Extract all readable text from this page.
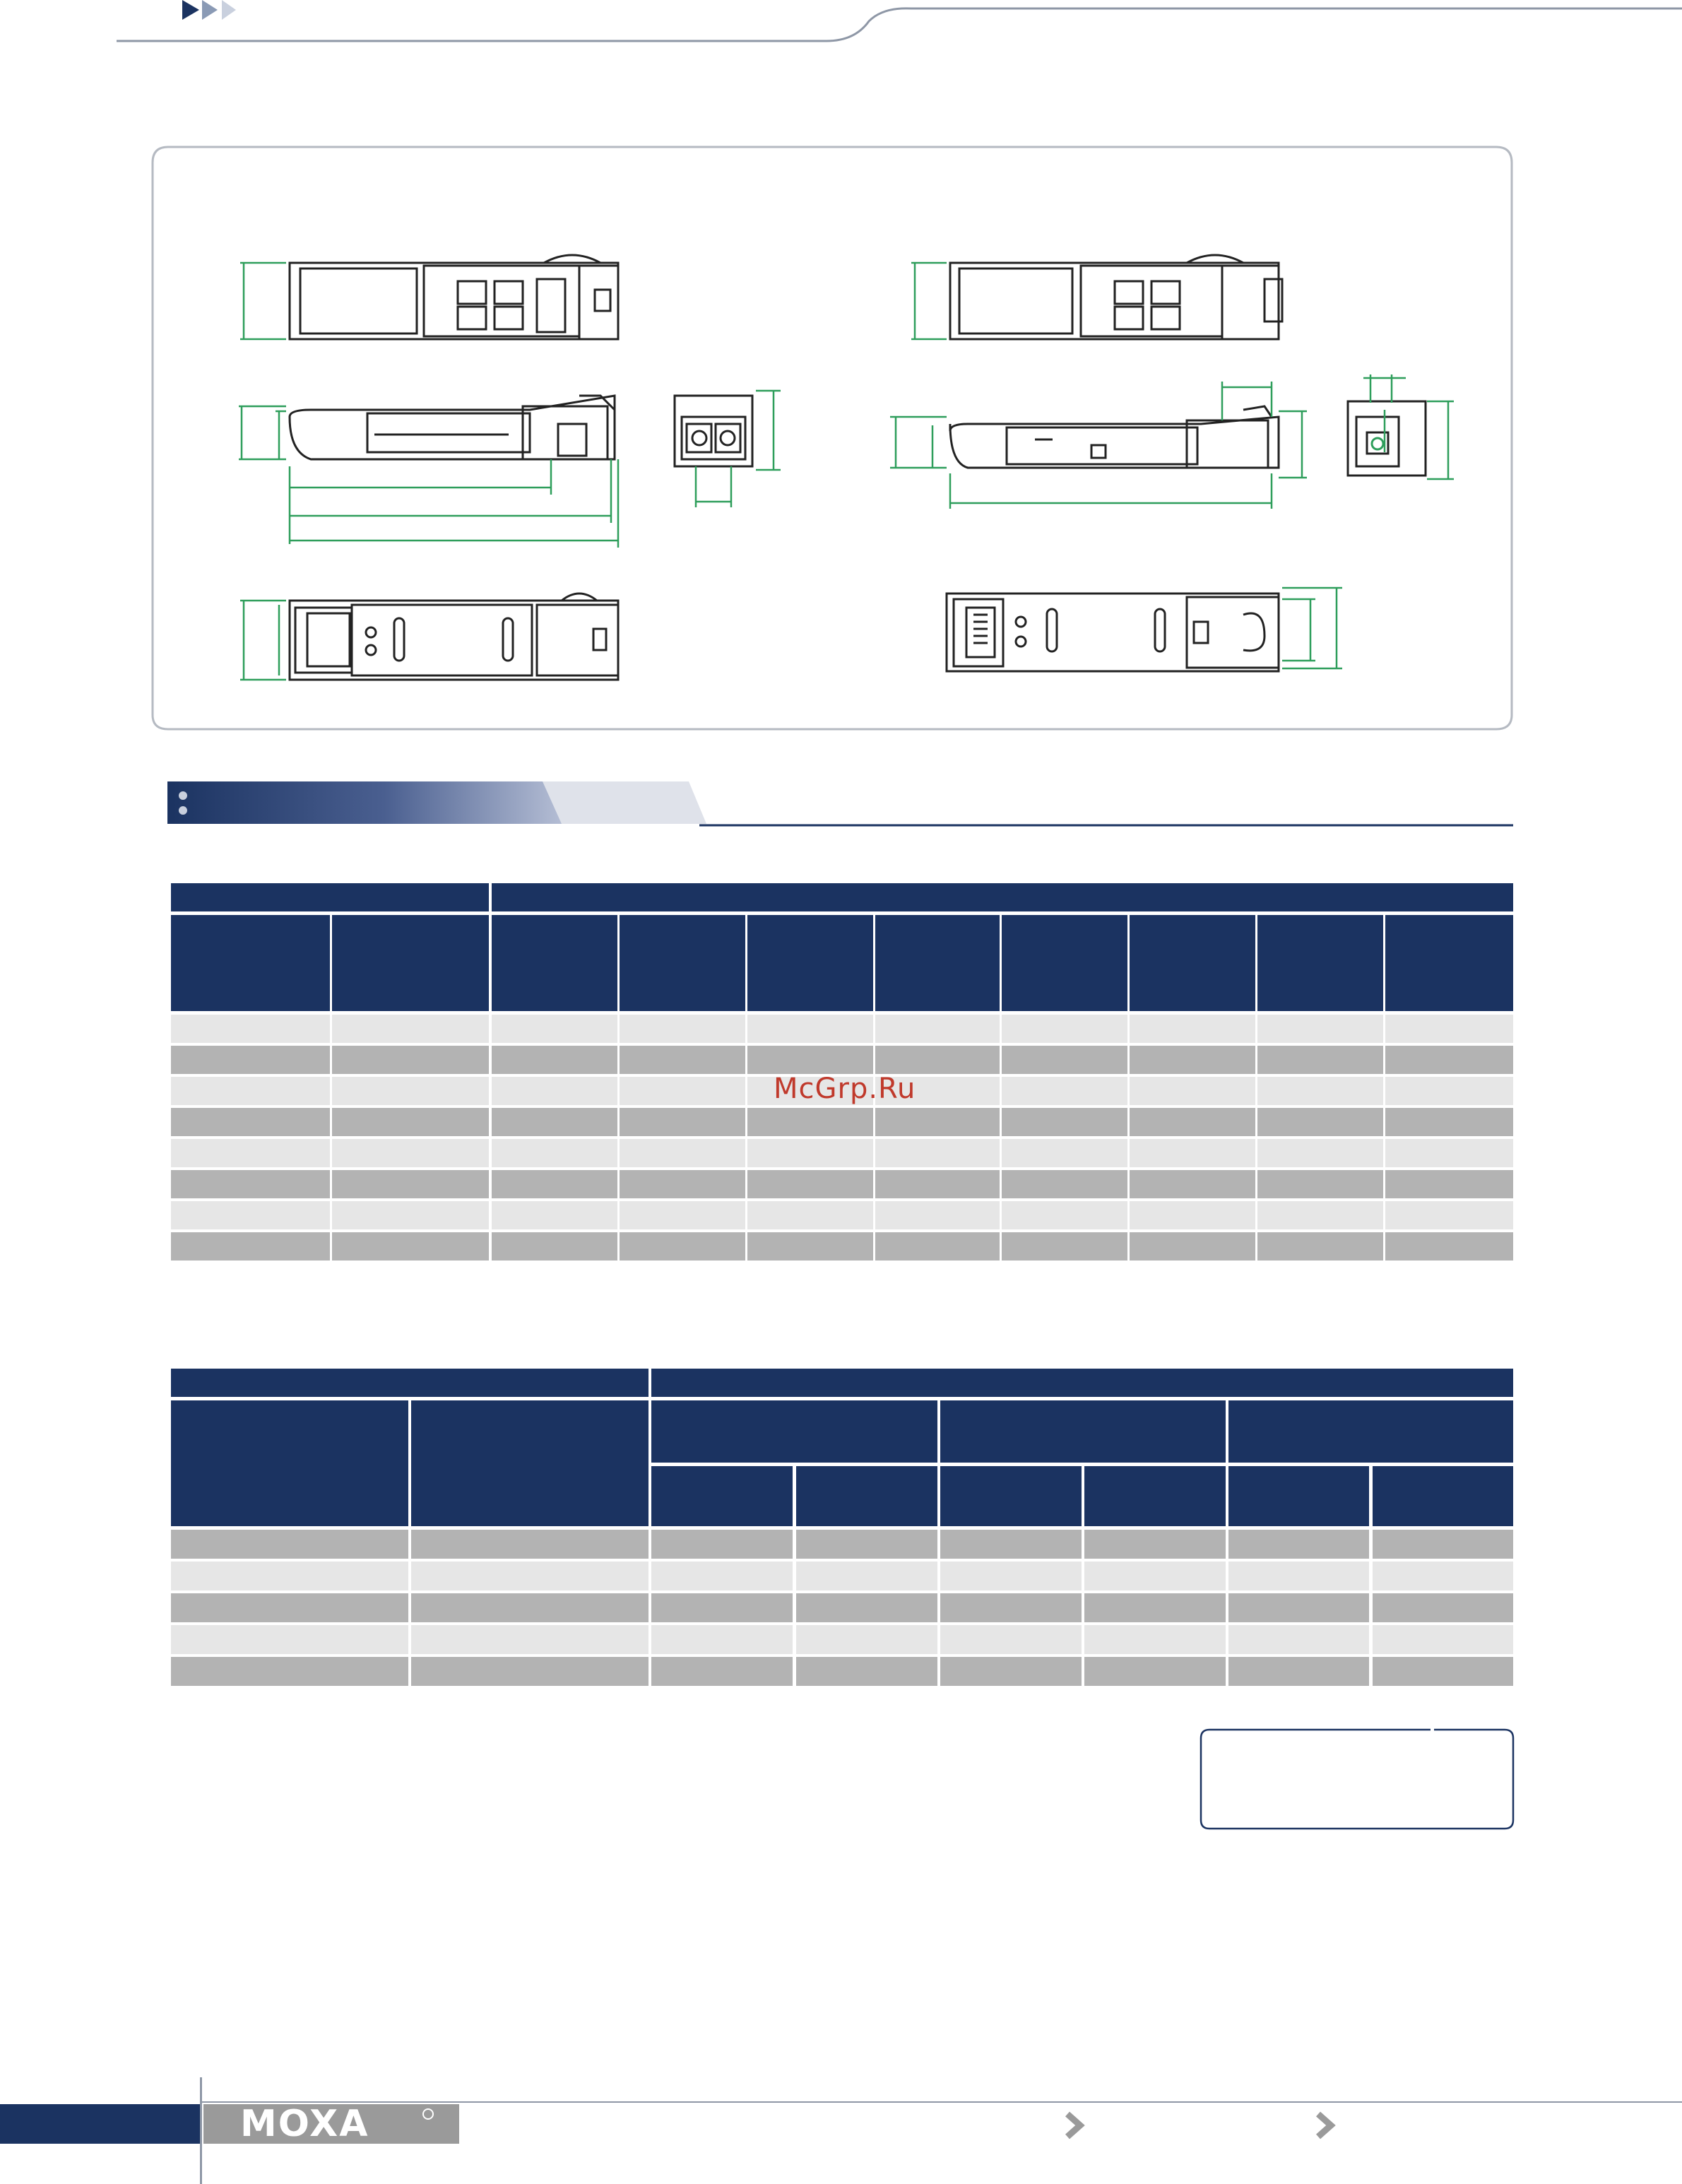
McGrp.Ru
MOXA
